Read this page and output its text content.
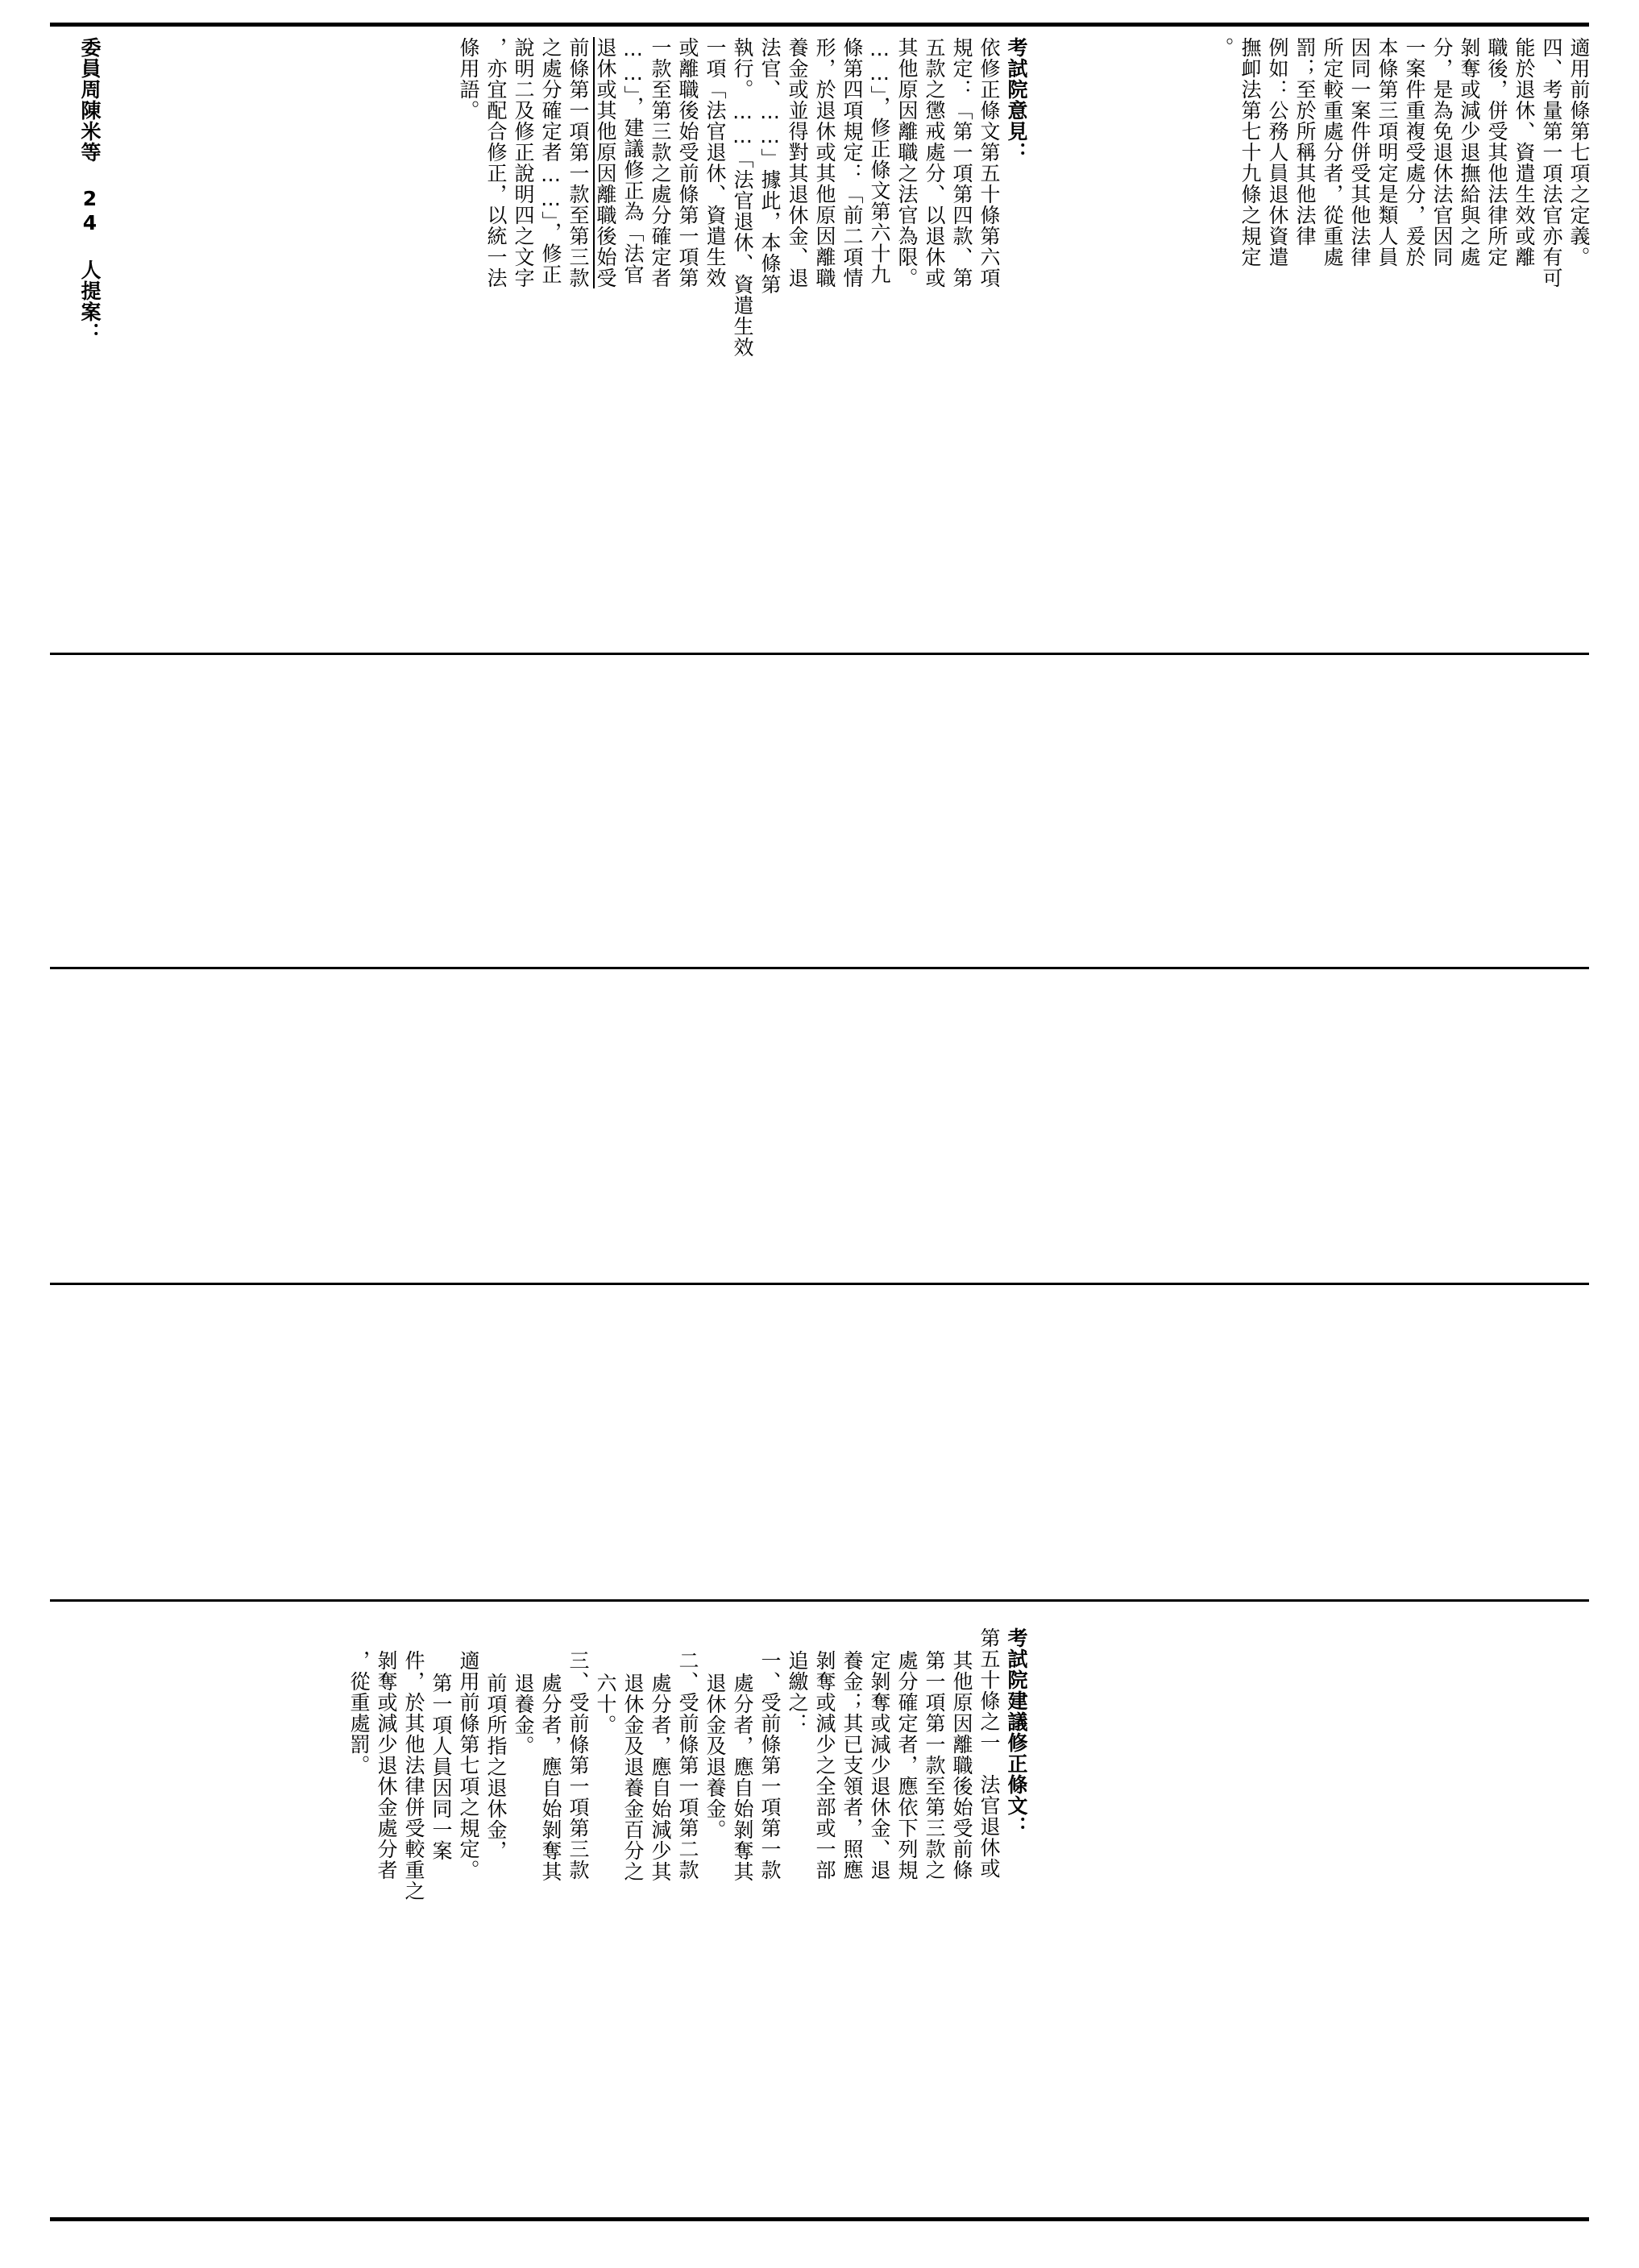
適用前條第七項之定義。
四、考量第一項法官亦有可
能於退休、資遣生效或離
職後，併受其他法律所定
剝奪或減少退撫給與之處
分，是為免退休法官因同
一案件重複受處分，爰於
本條第三項明定是類人員
因同一案件併受其他法律
所定較重處分者，從重處
罰；至於所稱其他法律
例如：公務人員退休資遣
撫卹法第七十九條之規定
。
考試院意見：
依修正條文第五十條第六項
規定：「第一項第四款、第
五款之懲戒處分、以退休或
其他原因離職之法官為限。
……」，修正條文第六十九
條第四項規定：「前二項情
形，於退休或其他原因離職
養金或並得對其退休金、退
法官、……」據此，本條第
執行。……「法官退休、資遣生效
一項「法官退休、資遣生效
或離職後始受前條第一項第
一款至第三款之處分確定者
……」，建議修正為「法官
退休或其他原因離職後始受
前條第一項第一款至第三款
之處分確定者……」，修正
說明二及修正說明四之文字
，亦宜配合修正，以統一法
條用語。
委員周陳米等 24 人提案：
考試院建議修正條文：
第五十條之一　法官退休或
其他原因離職後始受前條
第一項第一款至第三款之
處分確定者，應依下列規
定剝奪或減少退休金、退
養金；其已支領者，照應
剝奪或減少之全部或一部
追繳之：
一、受前條第一項第一款
處分者，應自始剝奪其
退休金及退養金。
二、受前條第一項第二款
處分者，應自始減少其
退休金及退養金百分之
六十。
三、受前條第一項第三款
處分者，應自始剝奪其
退養金。
前項所指之退休金，
適用前條第七項之規定。
第一項人員因同一案
件，於其他法律併受較重之
剝奪或減少退休金處分者
，從重處罰。
